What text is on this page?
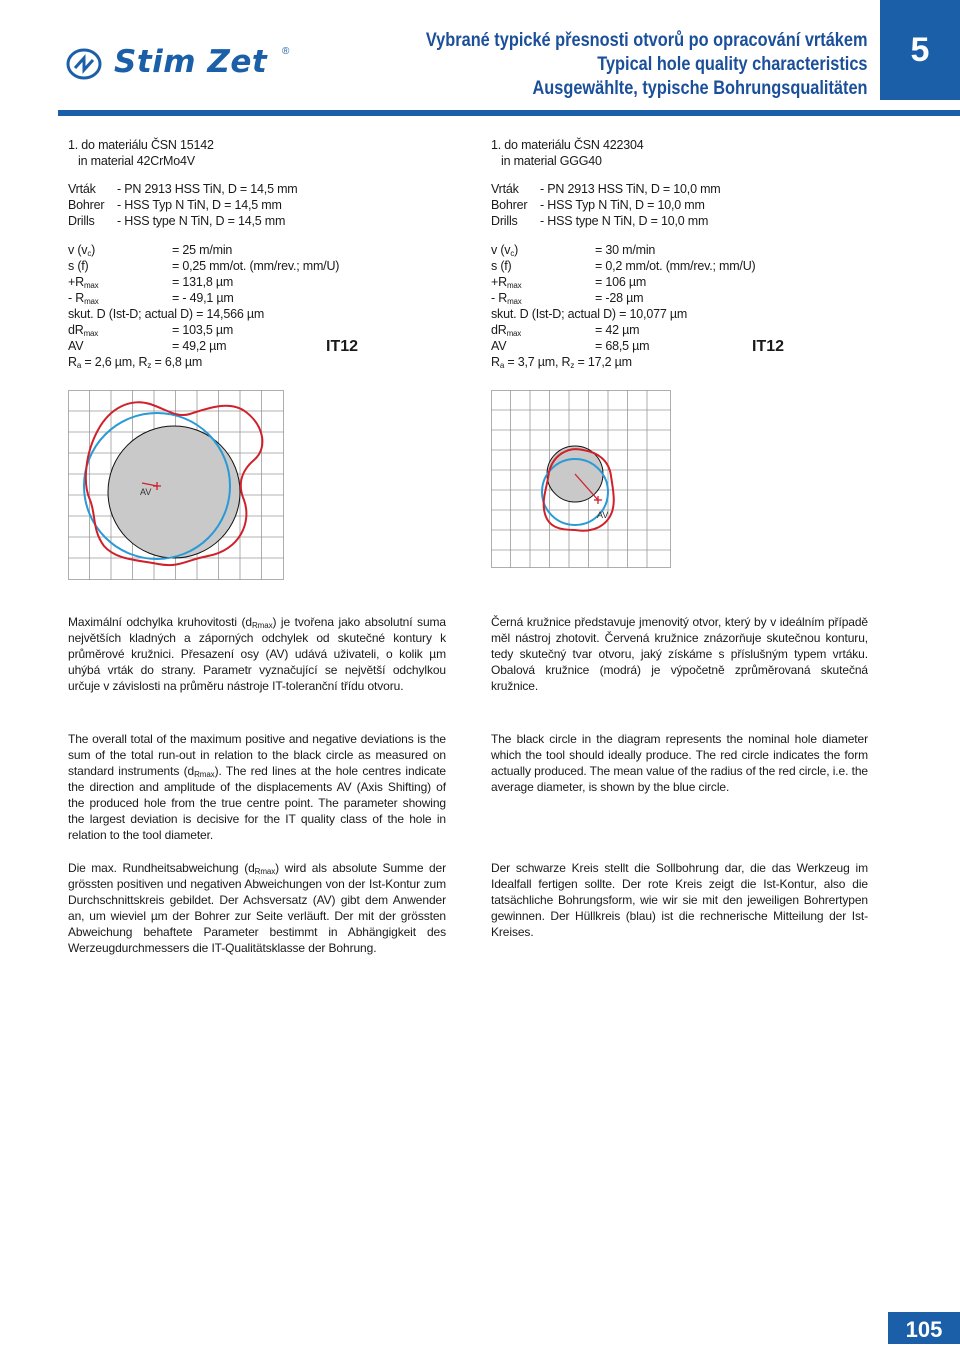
Stim Zet ®
Vybrané typické přesnosti otvorů po opracování vrtákem
Typical hole quality characteristics
Ausgewählte, typische Bohrungsqualitäten
5
1. do materiálu ČSN 15142
in material 42CrMo4V
Vrták	- PN 2913 HSS TiN, D = 14,5 mm
Bohrer	- HSS Typ N TiN, D = 14,5 mm
Drills	- HSS type N TiN, D = 14,5 mm
v $(v_c)$	= 25 m/min
s (f)	= 0,25 mm/ot. (mm/rev.; mm/U)
$+R_{max}$	= 131,8 µm
- $R_{max}$	= - 49,1 µm
skut. D (Ist-D; actual D) = 14,566 µm
$dR_{max}$	= 103,5 µm
AV	= 49,2 µm
$R_a = 2,6$ µm, $R_z = 6,8$ µm
IT12
1. do materiálu ČSN 422304
in material GGG40
Vrták	- PN 2913 HSS TiN, D = 10,0 mm
Bohrer	- HSS Typ N TiN, D = 10,0 mm
Drills	- HSS type N TiN, D = 10,0 mm
v $(v_c)$	= 30 m/min
s (f)	= 0,2 mm/ot. (mm/rev.; mm/U)
$+R_{max}$	= 106 µm
- $R_{max}$	= -28 µm
skut. D (Ist-D; actual D) = 10,077 µm
$dR_{max}$	= 42 µm
AV	= 68,5 µm
$R_a = 3,7$ µm, $R_z = 17,2$ µm
IT12
AV
AV
Maximální odchylka kruhovitosti $(d_{Rmax})$ je tvořena jako absolutní suma největších kladných a záporných odchylek od skutečné kontury k průměrové kružnici. Přesazení osy (AV) udává uživateli, o kolik µm uhýbá vrták do strany. Parametr vyznačující se největší odchylkou určuje v závislosti na průměru nástroje IT-toleranční třídu otvoru.
Černá kružnice představuje jmenovitý otvor, který by v ideálním případě měl nástroj zhotovit. Červená kružnice znázorňuje skutečnou konturu, tedy skutečný tvar otvoru, jaký získáme s příslušným typem vrtáku. Obalová kružnice (modrá) je výpočetně zprůměrovaná skutečná kružnice.
The overall total of the maximum positive and negative deviations is the sum of the total run-out in relation to the black circle as measured on standard instruments $(d_{Rmax})$. The red lines at the hole centres indicate the direction and amplitude of the displacements AV (Axis Shifting) of the produced hole from the true centre point. The parameter showing the largest deviation is decisive for the IT quality class of the hole in relation to the tool diameter.
The black circle in the diagram represents the nominal hole diameter which the tool should ideally produce. The red circle indicates the form actually produced. The mean value of the radius of the red circle, i.e. the average diameter, is shown by the blue circle.
Die max. Rundheitsabweichung $(d_{Rmax})$ wird als absolute Summe der grössten positiven und negativen Abweichungen von der Ist-Kontur zum Durchschnittskreis gebildet. Der Achsversatz (AV) gibt dem Anwender an, um wieviel µm der Bohrer zur Seite verläuft. Der mit der grössten Abweichung behaftete Parameter bestimmt in Abhängigkeit des Werzeugdurchmessers die IT-Qualitätsklasse der Bohrung.
Der schwarze Kreis stellt die Sollbohrung dar, die das Werkzeug im Idealfall fertigen sollte. Der rote Kreis zeigt die Ist-Kontur, also die tatsächliche Bohrungsform, wie wir sie mit den jeweiligen Bohrertypen gewinnen. Der Hüllkreis (blau) ist die rechnerische Mitteilung der Ist-Kreises.
105
